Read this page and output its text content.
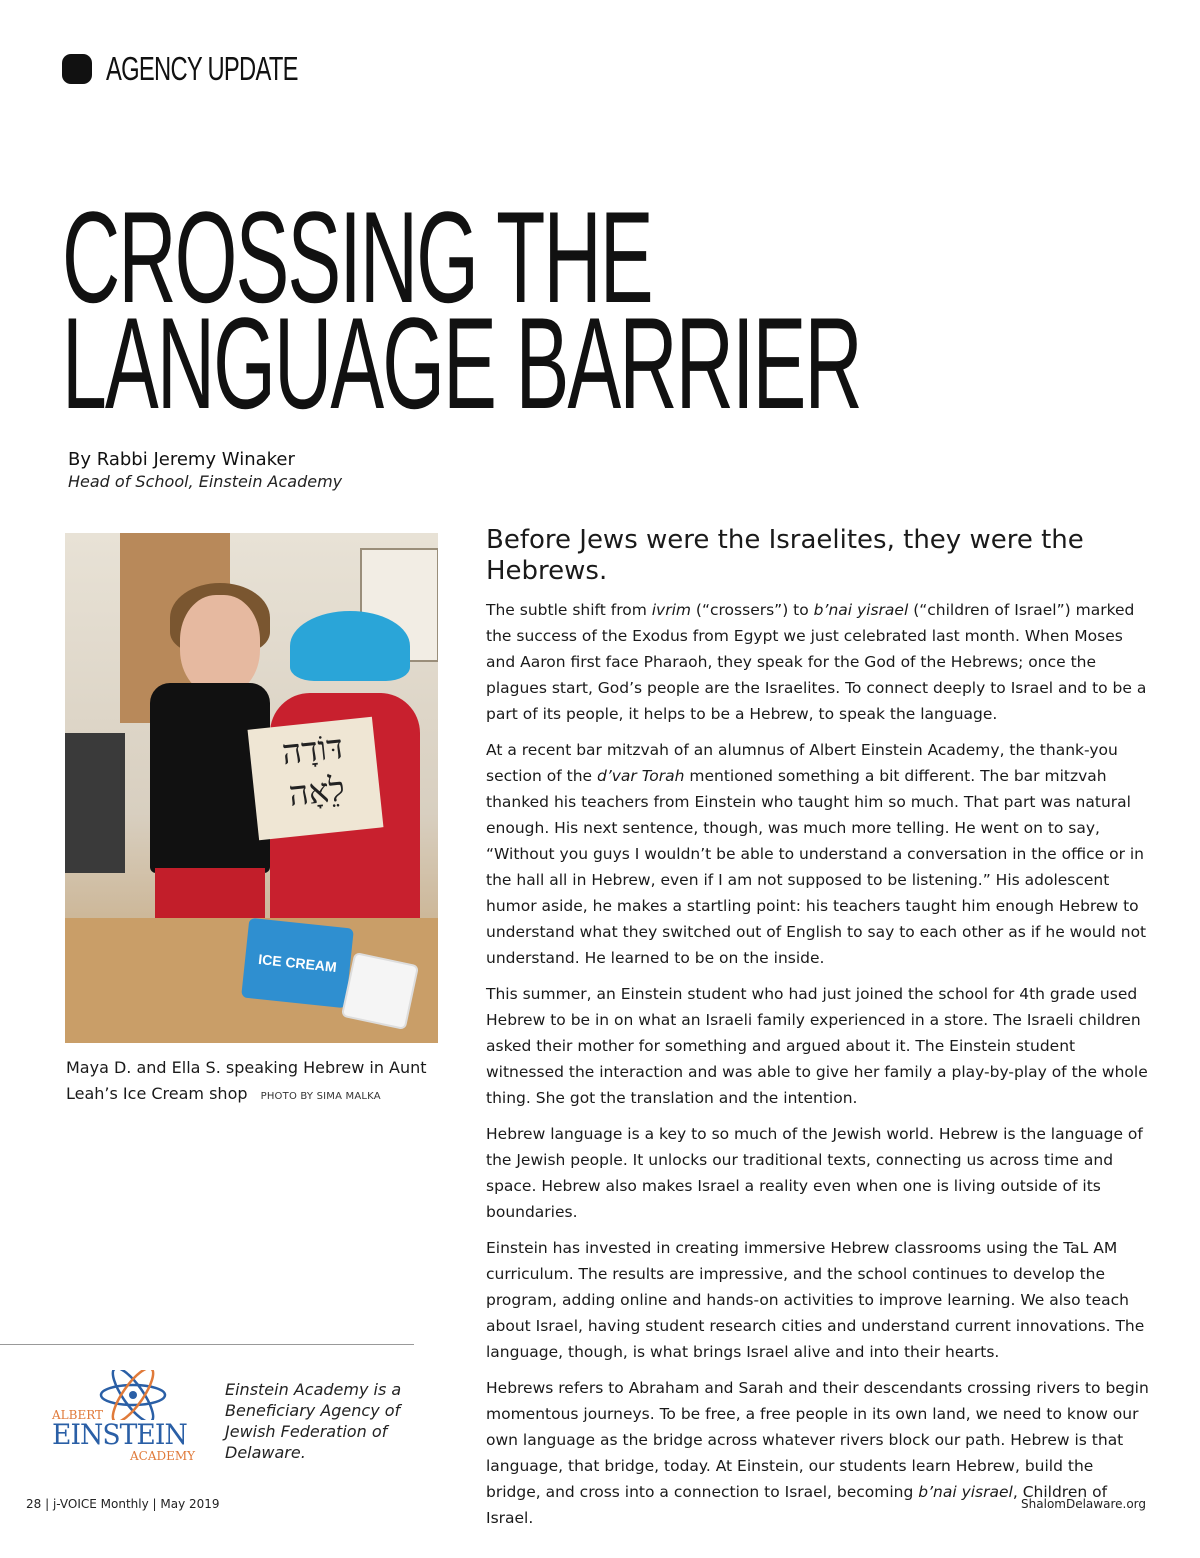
AGENCY UPDATE
CROSSING THE
LANGUAGE BARRIER
By Rabbi Jeremy Winaker
Head of School, Einstein Academy
דּוֹדָה
לֵאָה
ICE CREAM
Maya D. and Ella S. speaking Hebrew in Aunt Leah’s Ice Cream shop PHOTO BY SIMA MALKA
ALBERT
EINSTEIN
ACADEMY
Einstein Academy is a Beneficiary Agency of Jewish Federation of Delaware.
Before Jews were the Israelites, they were the Hebrews.

The subtle shift from ivrim (“crossers”) to b’nai yisrael (“children of Israel”) marked the success of the Exodus from Egypt we just celebrated last month. When Moses and Aaron first face Pharaoh, they speak for the God of the Hebrews; once the plagues start, God’s people are the Israelites. To connect deeply to Israel and to be a part of its people, it helps to be a Hebrew, to speak the language.

At a recent bar mitzvah of an alumnus of Albert Einstein Academy, the thank-you section of the d’var Torah mentioned something a bit different. The bar mitzvah thanked his teachers from Einstein who taught him so much. That part was natural enough. His next sentence, though, was much more telling. He went on to say, “Without you guys I wouldn’t be able to understand a conversation in the office or in the hall all in Hebrew, even if I am not supposed to be listening.” His adolescent humor aside, he makes a startling point: his teachers taught him enough Hebrew to understand what they switched out of English to say to each other as if he would not understand. He learned to be on the inside.

This summer, an Einstein student who had just joined the school for 4th grade used Hebrew to be in on what an Israeli family experienced in a store. The Israeli children asked their mother for something and argued about it. The Einstein student witnessed the interaction and was able to give her family a play-by-play of the whole thing. She got the translation and the intention.

Hebrew language is a key to so much of the Jewish world. Hebrew is the language of the Jewish people. It unlocks our traditional texts, connecting us across time and space. Hebrew also makes Israel a reality even when one is living outside of its boundaries.

Einstein has invested in creating immersive Hebrew classrooms using the TaL AM curriculum. The results are impressive, and the school continues to develop the program, adding online and hands-on activities to improve learning. We also teach about Israel, having student research cities and understand current innovations. The language, though, is what brings Israel alive and into their hearts.

Hebrews refers to Abraham and Sarah and their descendants crossing rivers to begin momentous journeys. To be free, a free people in its own land, we need to know our own language as the bridge across whatever rivers block our path. Hebrew is that language, that bridge, today. At Einstein, our students learn Hebrew, build the bridge, and cross into a connection to Israel, becoming b’nai yisrael, Children of Israel.

28 | j-VOICE Monthly | May 2019	ShalomDelaware.org
